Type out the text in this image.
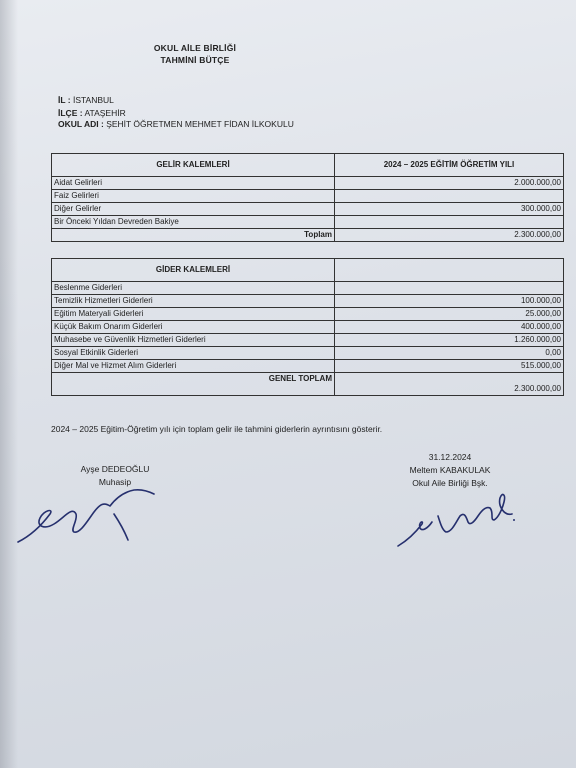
OKUL AİLE BİRLİĞİ
TAHMİNİ BÜTÇE
İL : İSTANBUL
İLÇE : ATAŞEHİR
OKUL ADI : ŞEHİT ÖĞRETMEN MEHMET FİDAN İLKOKULU
GELİR KALEMLERİ	2024 – 2025 EĞİTİM ÖĞRETİM YILI
Aidat Gelirleri	2.000.000,00
Faiz Gelirleri	
Diğer Gelirler	300.000,00
Bir Önceki Yıldan Devreden Bakiye	
Toplam	2.300.000,00
GİDER KALEMLERİ	
Beslenme Giderleri	
Temizlik Hizmetleri Giderleri	100.000,00
Eğitim Materyali Giderleri	25.000,00
Küçük Bakım Onarım Giderleri	400.000,00
Muhasebe ve Güvenlik Hizmetleri Giderleri	1.260.000,00
Sosyal Etkinlik Giderleri	0,00
Diğer Mal ve Hizmet Alım Giderleri	515.000,00
GENEL TOPLAM	2.300.000,00
2024 – 2025 Eğitim-Öğretim yılı için toplam gelir ile tahmini giderlerin ayrıntısını gösterir.
Ayşe DEDEOĞLU
Muhasip
31.12.2024
Meltem KABAKULAK
Okul Aile Birliği Bşk.
